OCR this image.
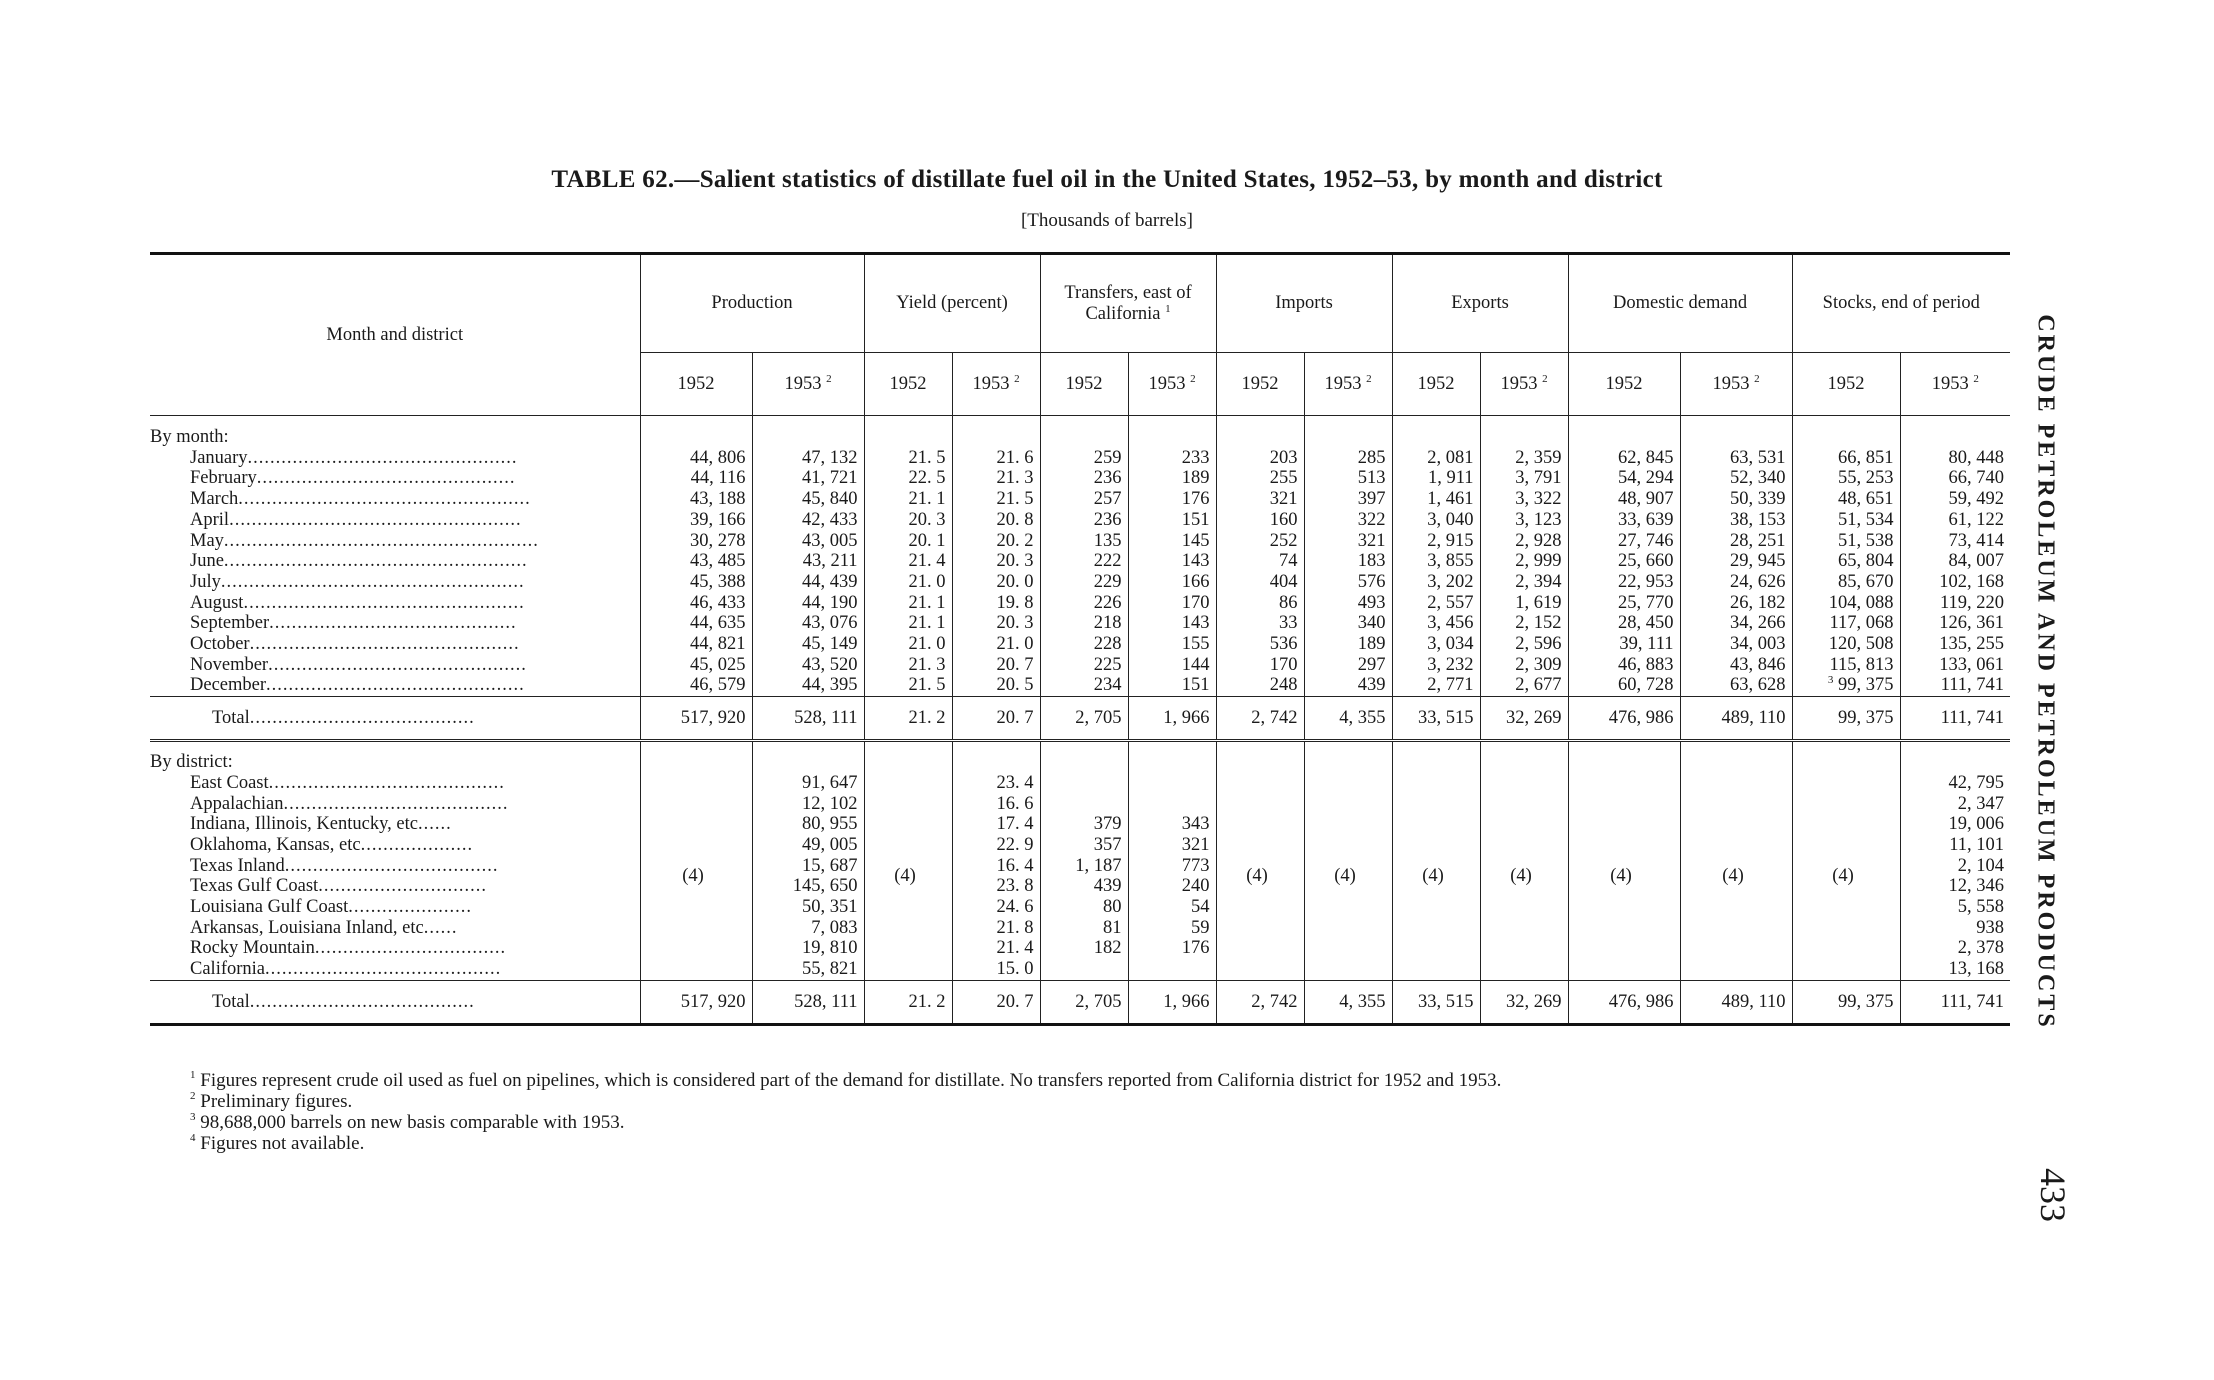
TABLE 62.—Salient statistics of distillate fuel oil in the United States, 1952–53, by month and district
[Thousands of barrels]
Month and district	Production		Yield (percent)		Transfers, east of California $^1$		Imports		Exports		Domestic demand		Stocks, end of period	
	1952	1953 $^2$	1952	1953 $^2$	1952	1953 $^2$	1952	1953 $^2$	1952	1953 $^2$	1952	1953 $^2$	1952	1953 $^2$

By month:														
January................................................	44, 806	47, 132	21. 5	21. 6	259	233	203	285	2, 081	2, 359	62, 845	63, 531	66, 851	80, 448
February..............................................	44, 116	41, 721	22. 5	21. 3	236	189	255	513	1, 911	3, 791	54, 294	52, 340	55, 253	66, 740
March....................................................	43, 188	45, 840	21. 1	21. 5	257	176	321	397	1, 461	3, 322	48, 907	50, 339	48, 651	59, 492
April....................................................	39, 166	42, 433	20. 3	20. 8	236	151	160	322	3, 040	3, 123	33, 639	38, 153	51, 534	61, 122
May........................................................	30, 278	43, 005	20. 1	20. 2	135	145	252	321	2, 915	2, 928	27, 746	28, 251	51, 538	73, 414
June......................................................	43, 485	43, 211	21. 4	20. 3	222	143	74	183	3, 855	2, 999	25, 660	29, 945	65, 804	84, 007
July......................................................	45, 388	44, 439	21. 0	20. 0	229	166	404	576	3, 202	2, 394	22, 953	24, 626	85, 670	102, 168
August..................................................	46, 433	44, 190	21. 1	19. 8	226	170	86	493	2, 557	1, 619	25, 770	26, 182	104, 088	119, 220
September............................................	44, 635	43, 076	21. 1	20. 3	218	143	33	340	3, 456	2, 152	28, 450	34, 266	117, 068	126, 361
October................................................	44, 821	45, 149	21. 0	21. 0	228	155	536	189	3, 034	2, 596	39, 111	34, 003	120, 508	135, 255
November..............................................	45, 025	43, 520	21. 3	20. 7	225	144	170	297	3, 232	2, 309	46, 883	43, 846	115, 813	133, 061
December..............................................	46, 579	44, 395	21. 5	20. 5	234	151	248	439	2, 771	2, 677	60, 728	63, 628	$^3$ 99, 375	111, 741
Total........................................	517, 920	528, 111	21. 2	20. 7	2, 705	1, 966	2, 742	4, 355	33, 515	32, 269	476, 986	489, 110	99, 375	111, 741
By district:														
East Coast..........................................	(4)	91, 647	(4)	23. 4			(4)	(4)	(4)	(4)	(4)	(4)	(4)	42, 795
Appalachian........................................		12, 102		16. 6										2, 347
Indiana, Illinois, Kentucky, etc......		80, 955		17. 4	379	343								19, 006
Oklahoma, Kansas, etc....................		49, 005		22. 9	357	321								11, 101
Texas Inland......................................		15, 687		16. 4	1, 187	773								2, 104
Texas Gulf Coast..............................		145, 650		23. 8	439	240								12, 346
Louisiana Gulf Coast......................		50, 351		24. 6	80	54								5, 558
Arkansas, Louisiana Inland, etc......		7, 083		21. 8	81	59								938
Rocky Mountain..................................		19, 810		21. 4	182	176								2, 378
California..........................................		55, 821		15. 0										13, 168
Total........................................	517, 920	528, 111	21. 2	20. 7	2, 705	1, 966	2, 742	4, 355	33, 515	32, 269	476, 986	489, 110	99, 375	111, 741

$^1$ Figures represent crude oil used as fuel on pipelines, which is considered part of the demand for distillate. No transfers reported from California district for 1952 and 1953.

$^2$ Preliminary figures.

$^3$ 98,688,000 barrels on new basis comparable with 1953.

$^4$ Figures not available.

CRUDE PETROLEUM AND PETROLEUM PRODUCTS
433
